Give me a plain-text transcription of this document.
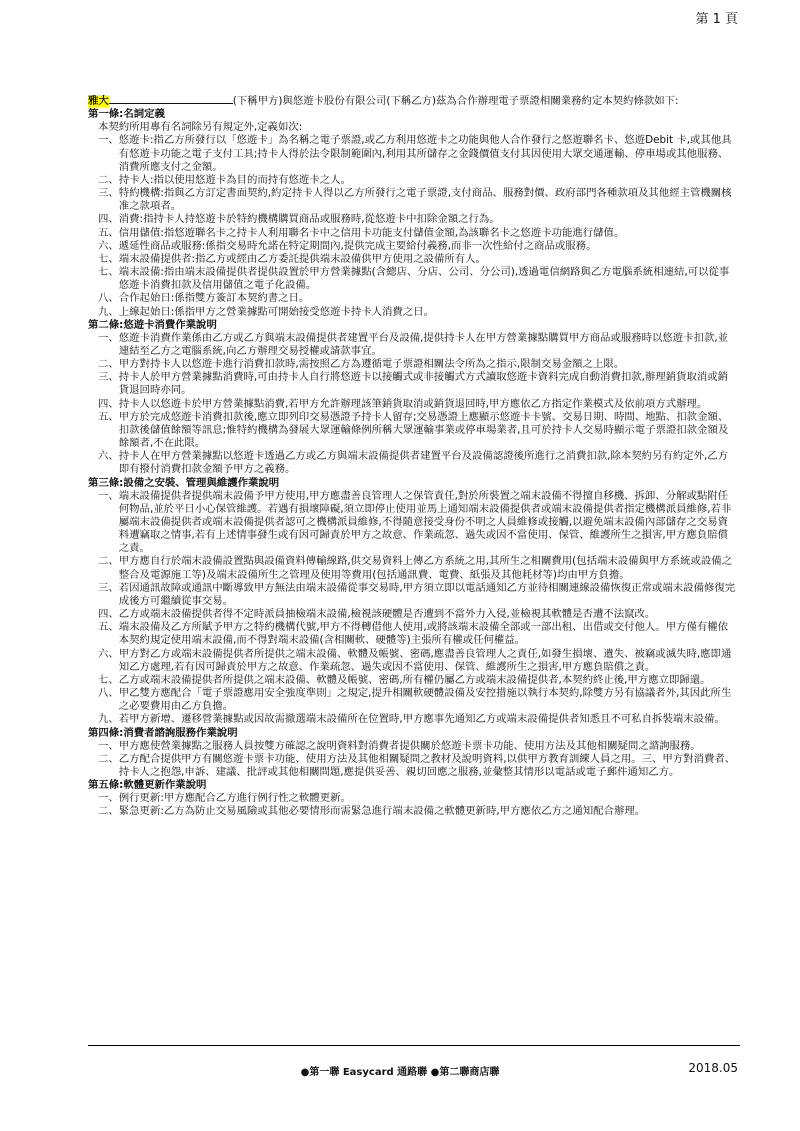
第 1 頁

雅大	(下稱甲方)與悠遊卡股份有限公司(下稱乙方)茲為合作辦理電子票證相關業務約定本契約條款如下:

第一條:名詞定義
本契約所用專有名詞除另有規定外,定義如次:
一、 悠遊卡:指乙方所發行以「悠遊卡」為名稱之電子票證,或乙方利用悠遊卡之功能與他人合作發行之悠遊聯名卡、悠遊Debit 卡,或其他具有悠遊卡功能之電子支付工具;持卡人得於法令限制範圍內,利用其所儲存之金錢價值支付其因使用大眾交通運輸、停車場或其他服務、消費所應支付之金額。
二、 持卡人:指以使用悠遊卡為目的而持有悠遊卡之人。
三、 特約機構:指與乙方訂定書面契約,約定持卡人得以乙方所發行之電子票證,支付商品、服務對價、政府部門各種款項及其他經主管機關核准之款項者。
四、 消費:指持卡人持悠遊卡於特約機構購買商品或服務時,從悠遊卡中扣除金額之行為。
五、 信用儲值:指悠遊聯名卡之持卡人利用聯名卡中之信用卡功能支付儲值金額,為該聯名卡之悠遊卡功能進行儲值。
六、 遞延性商品或服務:係指交易時允諾在特定期間內,提供完成主要給付義務,而非一次性給付之商品或服務。
七、 端末設備提供者:指乙方或經由乙方委託提供端末設備供甲方使用之設備所有人。
七、 端末設備:指由端末設備提供者提供設置於甲方營業據點(含總店、分店、公司、分公司),透過電信網路與乙方電腦系統相連結,可以從事悠遊卡消費扣款及信用儲值之電子化設備。
八、 合作起始日:係指雙方簽訂本契約書之日。
九、 上線起始日:係指甲方之營業據點可開始接受悠遊卡持卡人消費之日。
第二條:悠遊卡消費作業說明
一、 悠遊卡消費作業係由乙方或乙方與端末設備提供者建置平台及設備,提供持卡人在甲方營業據點購買甲方商品或服務時以悠遊卡扣款,並連結至乙方之電腦系統,向乙方辦理交易授權或請款事宜。
二、 甲方對持卡人以悠遊卡進行消費扣款時,需按照乙方為遵循電子票證相關法令所為之指示,限制交易金額之上限。
三、 持卡人於甲方營業據點消費時,可由持卡人自行將悠遊卡以接觸式或非接觸式方式讀取悠遊卡資料完成自動消費扣款,辦理銷貨取消或銷貨退回時亦同。
四、 持卡人以悠遊卡於甲方營業據點消費,若甲方允許辦理該筆銷貨取消或銷貨退回時,甲方應依乙方指定作業模式及依前項方式辦理。
五、 甲方於完成悠遊卡消費扣款後,應立即列印交易憑證予持卡人留存;交易憑證上應顯示悠遊卡卡號、交易日期、時間、地點、扣款金額、扣款後儲值餘額等訊息;惟特約機構為發展大眾運輸條例所稱大眾運輸事業或停車場業者,且可於持卡人交易時顯示電子票證扣款金額及餘額者,不在此限。
六、 持卡人在甲方營業據點以悠遊卡透過乙方或乙方與端末設備提供者建置平台及設備認證後所進行之消費扣款,除本契約另有約定外,乙方即有撥付消費扣款金額予甲方之義務。
第三條:設備之安裝、管理與維護作業說明
一、 端末設備提供者提供端末設備予甲方使用,甲方應盡善良管理人之保管責任,對於所裝置之端末設備不得擅自移機、拆卸、分解或點附任何物品,並於平日小心保管維護。若遇有損壞障礙,須立即停止使用並馬上通知端末設備提供者或端末設備提供者指定機構派員維修,若非屬端末設備提供者或端末設備提供者認可之機構派員維修,不得隨意接受身份不明之人員維修或接觸,以避免端末設備內部儲存之交易資料遭竊取之情事,若有上述情事發生或有因可歸責於甲方之故意、作業疏忽、過失或因不當使用、保管、維護所生之損害,甲方應負賠償之責。
二、 甲方應自行於端末設備設置點與設備資料傳輸線路,供交易資料上傳乙方系統之用,其所生之相關費用(包括端末設備與甲方系統或設備之整合及電源施工等)及端末設備所生之管理及使用等費用(包括通訊費、電費、紙張及其他耗材等)均由甲方負擔。
三、 若因通訊故障或通訊中斷導致甲方無法由端末設備從事交易時,甲方須立即以電話通知乙方並待相關連線設備恢復正常或端末設備修復完成後方可繼續從事交易。
四、 乙方或端末設備提供者得不定時派員抽檢端末設備,檢視該硬體是否遭到不當外力入侵,並檢視其軟體是否遭不法竄改。
五、 端末設備及乙方所賦予甲方之特約機構代號,甲方不得轉借他人使用,或將該端末設備全部或一部出租、出借或交付他人。甲方僅有權依本契約規定使用端末設備,而不得對端末設備(含相關軟、硬體等)主張所有權或任何權益。
六、 甲方對乙方或端末設備提供者所提供之端末設備、軟體及帳號、密碼,應盡善良管理人之責任,如發生損壞、遺失、被竊或滅失時,應即通知乙方處理,若有因可歸責於甲方之故意、作業疏忽、過失或因不當使用、保管、維護所生之損害,甲方應負賠償之責。
七、 乙方或端末設備提供者所提供之端末設備、軟體及帳號、密碼,所有權仍屬乙方或端末設備提供者,本契約終止後,甲方應立即歸還。
八、 甲乙雙方應配合「電子票證應用安全強度準則」之規定,提升相關軟硬體設備及安控措施以執行本契約,除雙方另有協議者外,其因此所生之必要費用由乙方負擔。
九、 若甲方新增、遷移營業據點或因故需撤選端末設備所在位置時,甲方應事先通知乙方或端末設備提供者知悉且不可私自拆裝端末設備。
第四條:消費者諮詢服務作業說明
一、 甲方應使營業據點之服務人員按雙方確認之說明資料對消費者提供關於悠遊卡票卡功能、使用方法及其他相關疑問之諮詢服務。
二、 乙方配合提供甲方有關悠遊卡票卡功能、使用方法及其他相關疑問之教材及說明資料,以供甲方教育訓練人員之用。三、甲方對消費者、持卡人之抱怨,申訴、建議、批評或其他相關問題,應提供妥善、親切回應之服務,並彙整其情形以電話或電子郵件通知乙方。
第五條:軟體更新作業說明
一、 例行更新:甲方應配合乙方進行例行性之軟體更新。
二、 緊急更新:乙方為防止交易風險或其他必要情形而需緊急進行端末設備之軟體更新時,甲方應依乙方之通知配合辦理。
●第一聯 Easycard 通路聯 ●第二聯商店聯	2018.05
